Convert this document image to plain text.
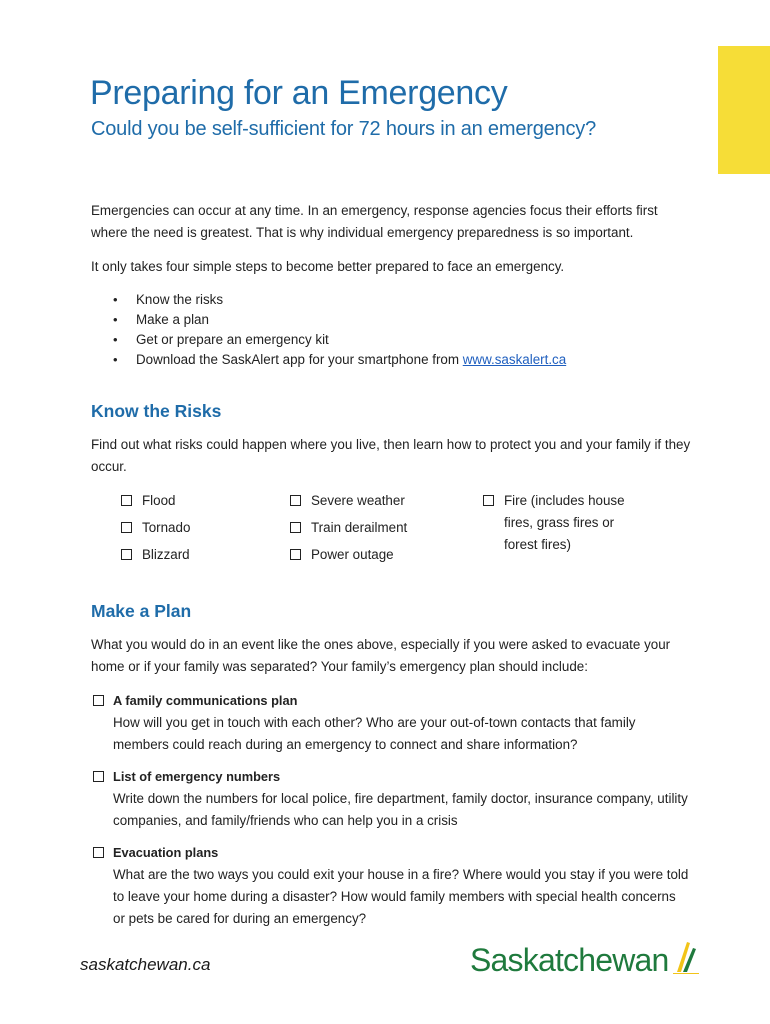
Preparing for an Emergency
Could you be self-sufficient for 72 hours in an emergency?

Emergencies can occur at any time. In an emergency, response agencies focus their efforts first where the need is greatest. That is why individual emergency preparedness is so important.

It only takes four simple steps to become better prepared to face an emergency.

• Know the risks
• Make a plan
• Get or prepare an emergency kit
• Download the SaskAlert app for your smartphone from www.saskalert.ca
Know the Risks

Find out what risks could happen where you live, then learn how to protect you and your family if they occur.

Flood
Tornado
Blizzard
Severe weather
Train derailment
Power outage
Fire (includes house fires, grass fires or forest fires)
Make a Plan

What you would do in an event like the ones above, especially if you were asked to evacuate your home or if your family was separated? Your family’s emergency plan should include:

A family communications plan
How will you get in touch with each other? Who are your out-of-town contacts that family members could reach during an emergency to connect and share information?
List of emergency numbers
Write down the numbers for local police, fire department, family doctor, insurance company, utility companies, and family/friends who can help you in a crisis
Evacuation plans
What are the two ways you could exit your house in a fire? Where would you stay if you were told to leave your home during a disaster? How would family members with special health concerns or pets be cared for during an emergency?
saskatchewan.ca	Saskatchewan
